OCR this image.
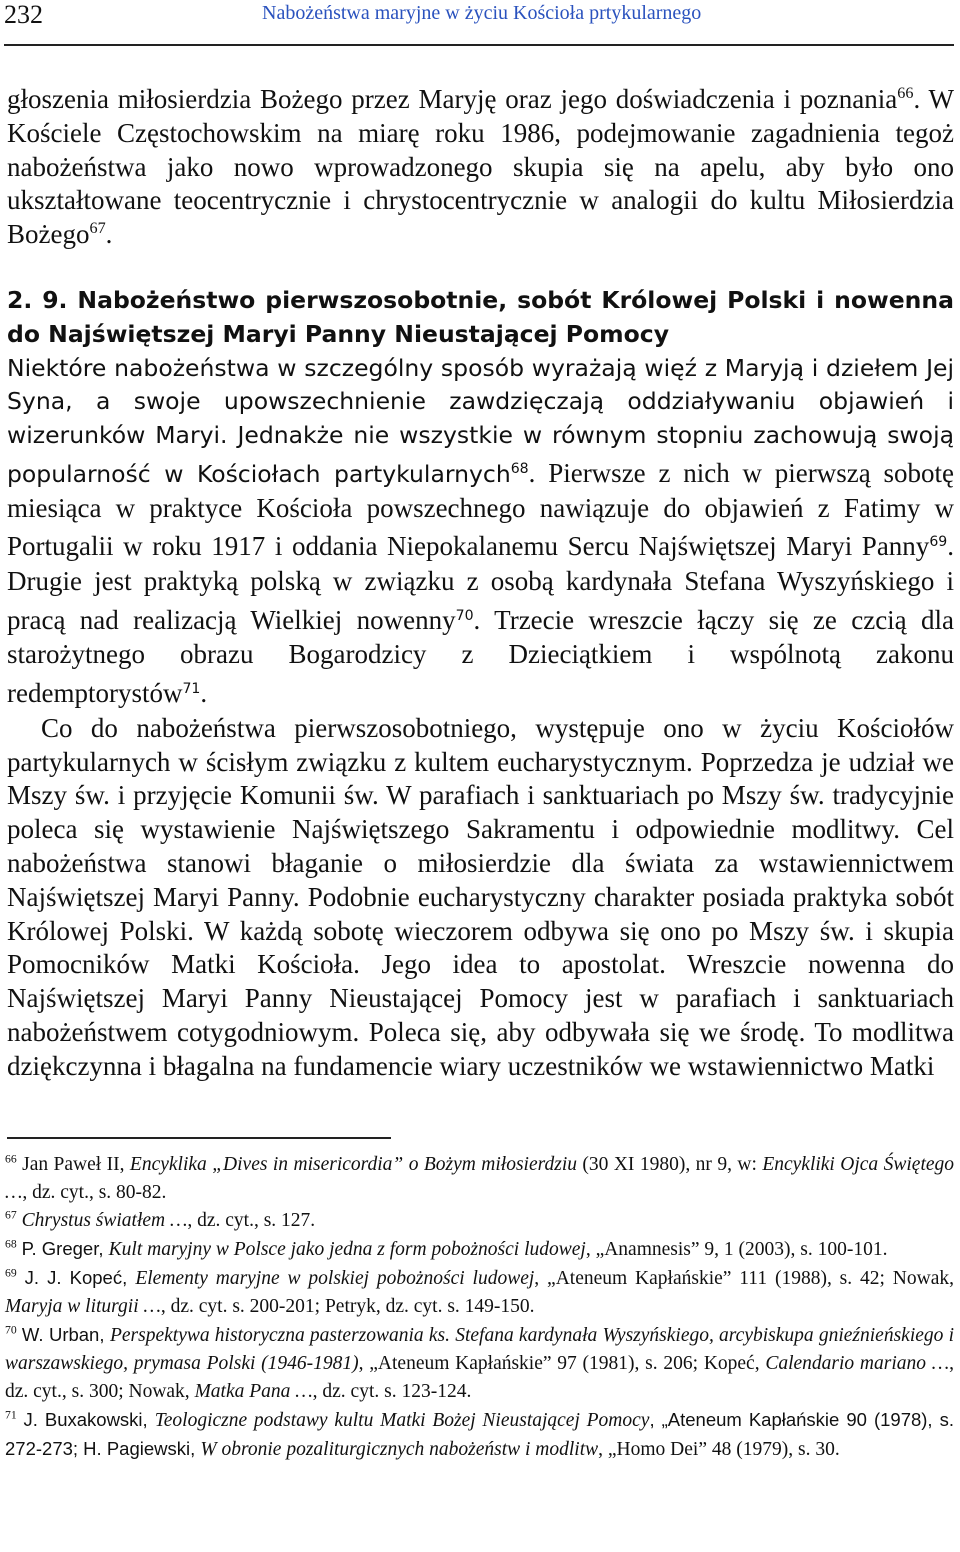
232	Nabożeństwa maryjne w życiu Kościoła prtykularnego

głoszenia miłosierdzia Bożego przez Maryję oraz jego doświadczenia i poznania$^{66}$. W Kościele Częstochowskim na miarę roku 1986, podejmowanie zagadnienia tegoż nabożeństwa jako nowo wprowadzonego skupia się na apelu, aby było ono ukształtowane teocentrycznie i chrystocentrycznie w analogii do kultu Miłosierdzia Bożego$^{67}$.

2. 9. Nabożeństwo pierwszosobotnie, sobót Królowej Polski i nowenna do Najświętszej Maryi Panny Nieustającej Pomocy

Niektóre nabożeństwa w szczególny sposób wyrażają więź z Maryją i dziełem Jej Syna, a swoje upowszechnienie zawdzięczają oddziaływaniu objawień i wizerunków Maryi. Jednakże nie wszystkie w równym stopniu zachowują swoją popularność w Kościołach partykularnych$^{68}$. Pierwsze z nich w pierwszą sobotę miesiąca w praktyce Kościoła powszechnego nawiązuje do objawień z Fatimy w Portugalii w roku 1917 i oddania Niepokalanemu Sercu Najświętszej Maryi Panny$^{69}$. Drugie jest praktyką polską w związku z osobą kardynała Stefana Wyszyńskiego i pracą nad realizacją Wielkiej nowenny$^{70}$. Trzecie wreszcie łączy się ze czcią dla starożytnego obrazu Bogarodzicy z Dzieciątkiem i wspólnotą zakonu redemptorystów$^{71}$.

Co do nabożeństwa pierwszosobotniego, występuje ono w życiu Kościołów partykularnych w ścisłym związku z kultem eucharystycznym. Poprzedza je udział we Mszy św. i przyjęcie Komunii św. W parafiach i sanktuariach po Mszy św. tradycyjnie poleca się wystawienie Najświętszego Sakramentu i odpowiednie modlitwy. Cel nabożeństwa stanowi błaganie o miłosierdzie dla świata za wstawiennictwem Najświętszej Maryi Panny. Podobnie eucharystyczny charakter posiada praktyka sobót Królowej Polski. W każdą sobotę wieczorem odbywa się ono po Mszy św. i skupia Pomocników Matki Kościoła. Jego idea to apostolat. Wreszcie nowenna do Najświętszej Maryi Panny Nieustającej Pomocy jest w parafiach i sanktuariach nabożeństwem cotygodniowym. Poleca się, aby odbywała się we środę. To modlitwa dziękczynna i błagalna na fundamencie wiary uczestników we wstawiennictwo Matki

$^{66}$ Jan Paweł II, Encyklika „Dives in misericordia” o Bożym miłosierdziu (30 XI 1980), nr 9, w: Encykliki Ojca Świętego …, dz. cyt., s. 80-82.

$^{67}$ Chrystus światłem …, dz. cyt., s. 127.

$^{68}$ P. Greger, Kult maryjny w Polsce jako jedna z form pobożności ludowej, „Anamnesis” 9, 1 (2003), s. 100-101.

$^{69}$ J. J. Kopeć, Elementy maryjne w polskiej pobożności ludowej, „Ateneum Kapłańskie” 111 (1988), s. 42; Nowak, Maryja w liturgii …, dz. cyt. s. 200-201; Petryk, dz. cyt. s. 149-150.

$^{70}$ W. Urban, Perspektywa historyczna pasterzowania ks. Stefana kardynała Wyszyńskiego, arcybiskupa gnieźnieńskiego i warszawskiego, prymasa Polski (1946-1981), „Ateneum Kapłańskie” 97 (1981), s. 206; Kopeć, Calendario mariano …, dz. cyt., s. 300; Nowak, Matka Pana …, dz. cyt. s. 123-124.

$^{71}$ J. Buxakowski, Teologiczne podstawy kultu Matki Bożej Nieustającej Pomocy, „Ateneum Kapłańskie 90 (1978), s. 272-273; H. Pagiewski, W obronie pozaliturgicznych nabożeństw i modlitw, „Homo Dei” 48 (1979), s. 30.
